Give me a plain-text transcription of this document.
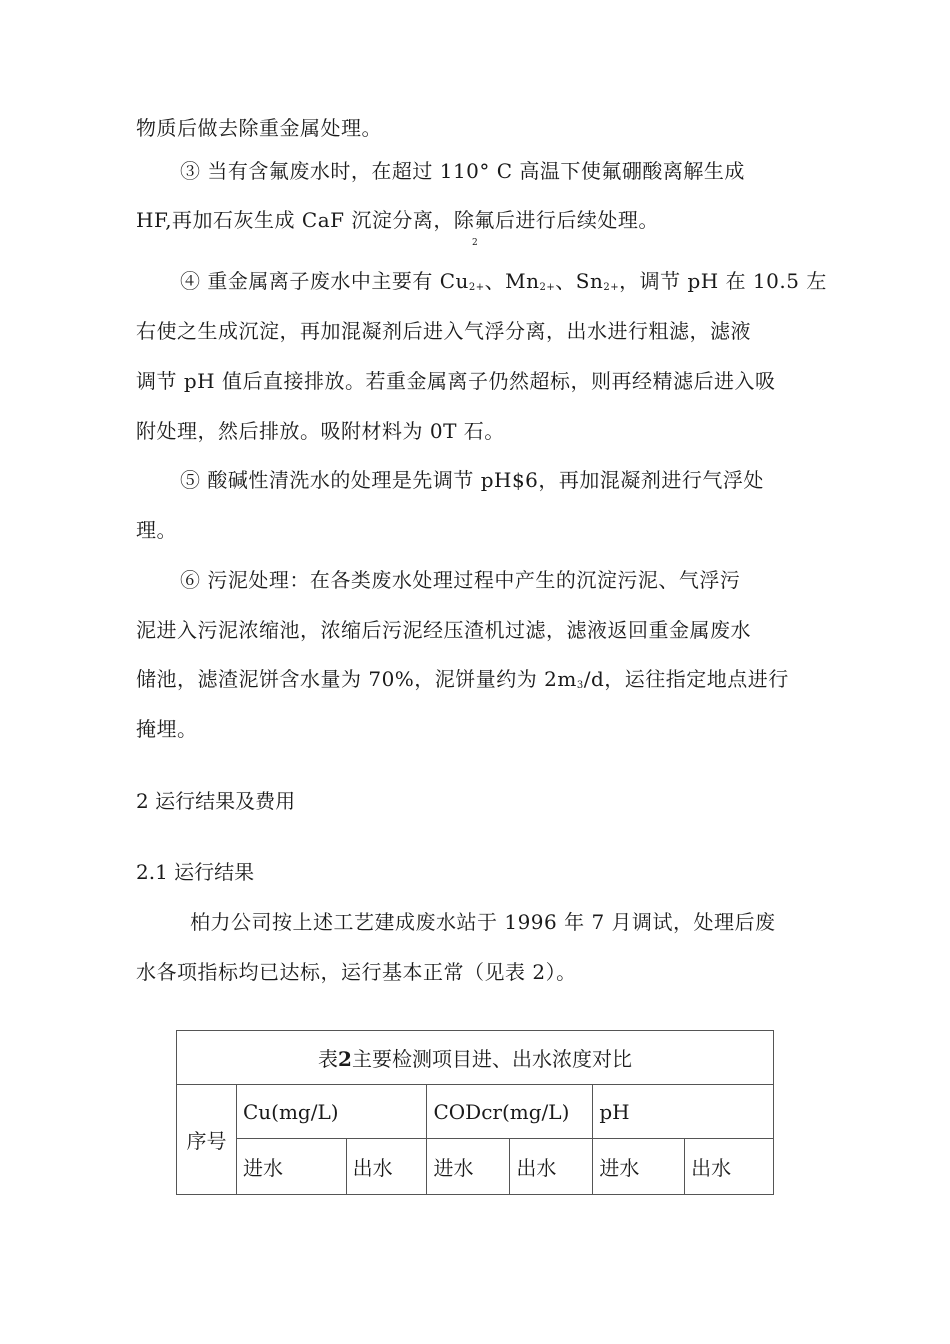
物质后做去除重金属处理。
③ 当有含氟废水时，在超过 110° C 高温下使氟硼酸离解生成
HF,再加石灰生成 CaF 沉淀分离，除氟后进行后续处理。
2
④ 重金属离子废水中主要有 $Cu_{2+}$、$Mn_{2+}$、$Sn_{2+}$，调节 pH 在 10.5 左
右使之生成沉淀，再加混凝剂后进入气浮分离，出水进行粗滤，滤液
调节 pH 值后直接排放。若重金属离子仍然超标，则再经精滤后进入吸
附处理，然后排放。吸附材料为 0T 石。
⑤ 酸碱性清洗水的处理是先调节 pH$6，再加混凝剂进行气浮处
理。
⑥ 污泥处理：在各类废水处理过程中产生的沉淀污泥、气浮污
泥进入污泥浓缩池，浓缩后污泥经压渣机过滤，滤液返回重金属废水
储池，滤渣泥饼含水量为 70%，泥饼量约为 $2m_3/d$，运往指定地点进行
掩埋。
2 运行结果及费用
2.1 运行结果
柏力公司按上述工艺建成废水站于 1996 年 7 月调试，处理后废
水各项指标均已达标，运行基本正常（见表 2）。
表2主要检测项目进、出水浓度对比						
序号	Cu(mg/L)		CODcr(mg/L)		pH	
	进水	出水	进水	出水	进水	出水
